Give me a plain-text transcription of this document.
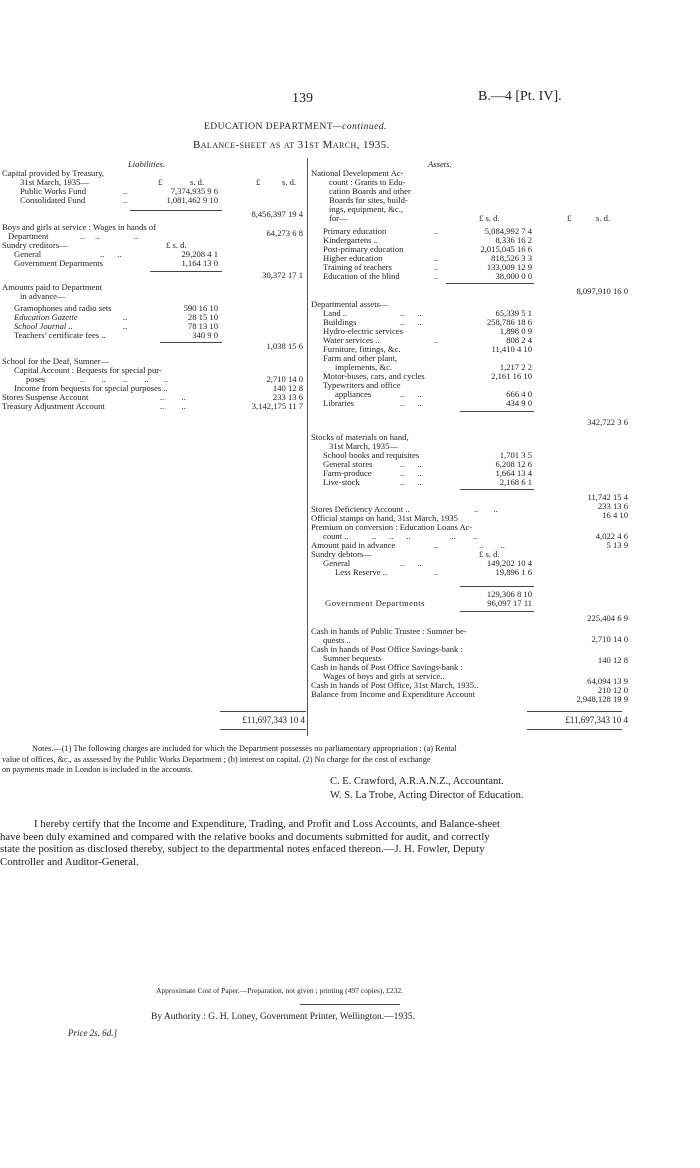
139	B.—4 [Pt. IV].
EDUCATION DEPARTMENT—continued.
Balance-sheet as at 31st March, 1935.
Liabilities.
Capital provided by Treasury,
31st March, 1935—	£	s. d.	£	s. d.
Public Works Fund	..	7,374,935 9 6
Consolidated Fund	..	1,081,462 9 10
8,456,397 19 4
Boys and girls at service : Wages in hands of
Department	..     ..                ..	64,273 6 8
Sundry creditors—	£ s. d.
General	..      ..	29,208 4 1
Government Departments	1,164 13 0
30,372 17 1
Amounts paid to Department
in advance—
Gramophones and radio sets	590 16 10
Education Gazette	..	28 15 10
School Journal ..	..	78 13 10
Teachers’ certificate fees ..	340 9 0
1,038 15 6
School for the Deaf, Sumner—
Capital Account : Bequests for special pur-
poses	..        ..        ..        ..       ..	2,710 14 0
Income from bequests for special purposes ..	140 12 8
Stores Suspense Account	..        ..	233 13 6
Treasury Adjustment Account	..        ..	3,142,175 11 7
£11,697,343 10 4
Assets.
National Development Ac-
count : Grants to Edu-
cation Boards and other
Boards for sites, build-
ings, equipment, &c.,
for—	£ s. d.	£	s. d.
Primary education	..	5,084,992 7 4
Kindergartens ..	8,336 16 2
Post-primary education	2,015,045 16 6
Higher education	..	818,526 3 3
Training of teachers	..	133,009 12 9
Education of the blind	..	38,000 0 0
8,097,910 16 0
Departmental assets—
Land ..	..      ..	65,339 5 1
Buildings	..      ..	258,786 18 6
Hydro-electric services	1,898 0 9
Water services ..	..	808 2 4
Furniture, fittings, &c.	11,410 4 10
Farm and other plant,
implements, &c.	1,217 2 2
Motor-buses, cars, and cycles	2,161 16 10
Typewriters and office
appliances	..      ..	666 4 0
Libraries	..      ..	434 9 0
342,722 3 6
Stocks of materials on hand,
31st March, 1935—
School books and requisites	1,701 3 5
General stores	..      ..	6,208 12 6
Farm-produce	..      ..	1,664 13 4
Live-stock	..      ..	2,168 6 1
11,742 15 4
Stores Deficiency Account ..	..       ..	233 13 6
Official stamps on hand, 31st March, 1935	16 4 10
Premium on conversion : Education Loans Ac-
count ..	..      ..      ..                   ..        ..	4,022 4 6
Amount paid in advance	..                   ..        ..	5 13 9
Sundry debtors—	£ s. d.
General	..      ..	149,202 10 4
Less Reserve ..	..	19,896 1 6
129,306 8 10
Government Departments	96,097 17 11
225,404 6 9
Cash in hands of Public Trustee : Sumner be-
quests ..	2,710 14 0
Cash in hands of Post Office Savings-bank :
Sumner bequests	140 12 8
Cash in hands of Post Office Savings-bank :
Wages of boys and girls at service..	64,094 13 9
Cash in hands of Post Office, 31st March, 1935..	210 12 0
Balance from Income and Expenditure Account	2,948,128 19 9
£11,697,343 10 4
Notes.—(1) The following charges are included for which the Department possesses no parliamentary appropriation : (a) Rental
value of offices, &c., as assessed by the Public Works Department ; (b) interest on capital. (2) No charge for the cost of exchange
on payments made in London is included in the accounts.
C. E. Crawford, A.R.A.N.Z., Accountant.
W. S. La Trobe, Acting Director of Education.
I hereby certify that the Income and Expenditure, Trading, and Profit and Loss Accounts, and Balance-sheet
have been duly examined and compared with the relative books and documents submitted for audit, and correctly
state the position as disclosed thereby, subject to the departmental notes enfaced thereon.—J. H. Fowler, Deputy
Controller and Auditor-General.
Approximate Cost of Paper.—Preparation, not given ; printing (497 copies), £232.
By Authority : G. H. Loney, Government Printer, Wellington.—1935.
Price 2s. 6d.]
